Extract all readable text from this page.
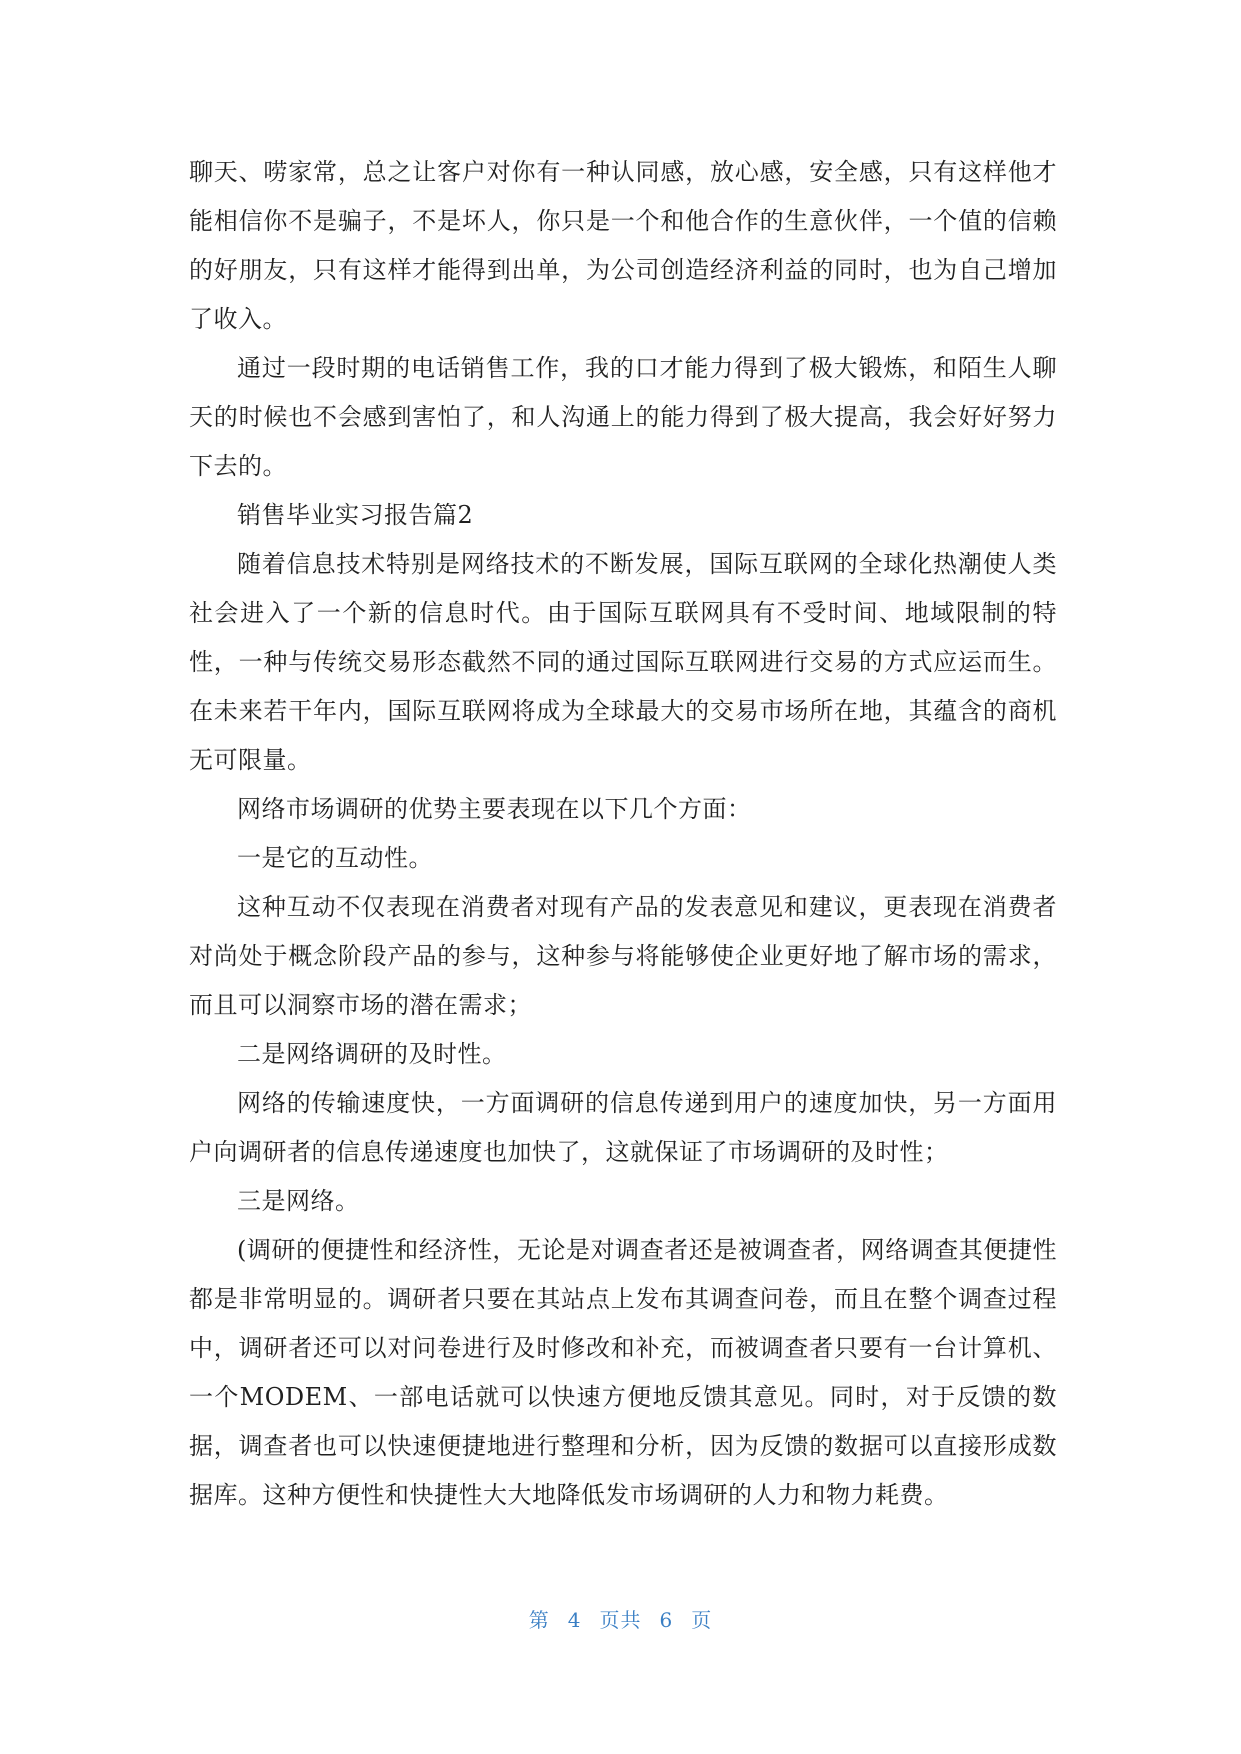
聊天、唠家常，总之让客户对你有一种认同感，放心感，安全感，只有这样他才能相信你不是骗子，不是坏人，你只是一个和他合作的生意伙伴，一个值的信赖的好朋友，只有这样才能得到出单，为公司创造经济利益的同时，也为自己增加了收入。

通过一段时期的电话销售工作，我的口才能力得到了极大锻炼，和陌生人聊天的时候也不会感到害怕了，和人沟通上的能力得到了极大提高，我会好好努力下去的。

销售毕业实习报告篇2

随着信息技术特别是网络技术的不断发展，国际互联网的全球化热潮使人类社会进入了一个新的信息时代。由于国际互联网具有不受时间、地域限制的特性，一种与传统交易形态截然不同的通过国际互联网进行交易的方式应运而生。在未来若干年内，国际互联网将成为全球最大的交易市场所在地，其蕴含的商机无可限量。

网络市场调研的优势主要表现在以下几个方面：

一是它的互动性。

这种互动不仅表现在消费者对现有产品的发表意见和建议，更表现在消费者对尚处于概念阶段产品的参与，这种参与将能够使企业更好地了解市场的需求，而且可以洞察市场的潜在需求；

二是网络调研的及时性。

网络的传输速度快，一方面调研的信息传递到用户的速度加快，另一方面用户向调研者的信息传递速度也加快了，这就保证了市场调研的及时性；

三是网络。

(调研的便捷性和经济性，无论是对调查者还是被调查者，网络调查其便捷性都是非常明显的。调研者只要在其站点上发布其调查问卷，而且在整个调查过程中，调研者还可以对问卷进行及时修改和补充，而被调查者只要有一台计算机、一个MODEM、一部电话就可以快速方便地反馈其意见。同时，对于反馈的数据，调查者也可以快速便捷地进行整理和分析，因为反馈的数据可以直接形成数据库。这种方便性和快捷性大大地降低发市场调研的人力和物力耗费。

第 4 页共 6 页
